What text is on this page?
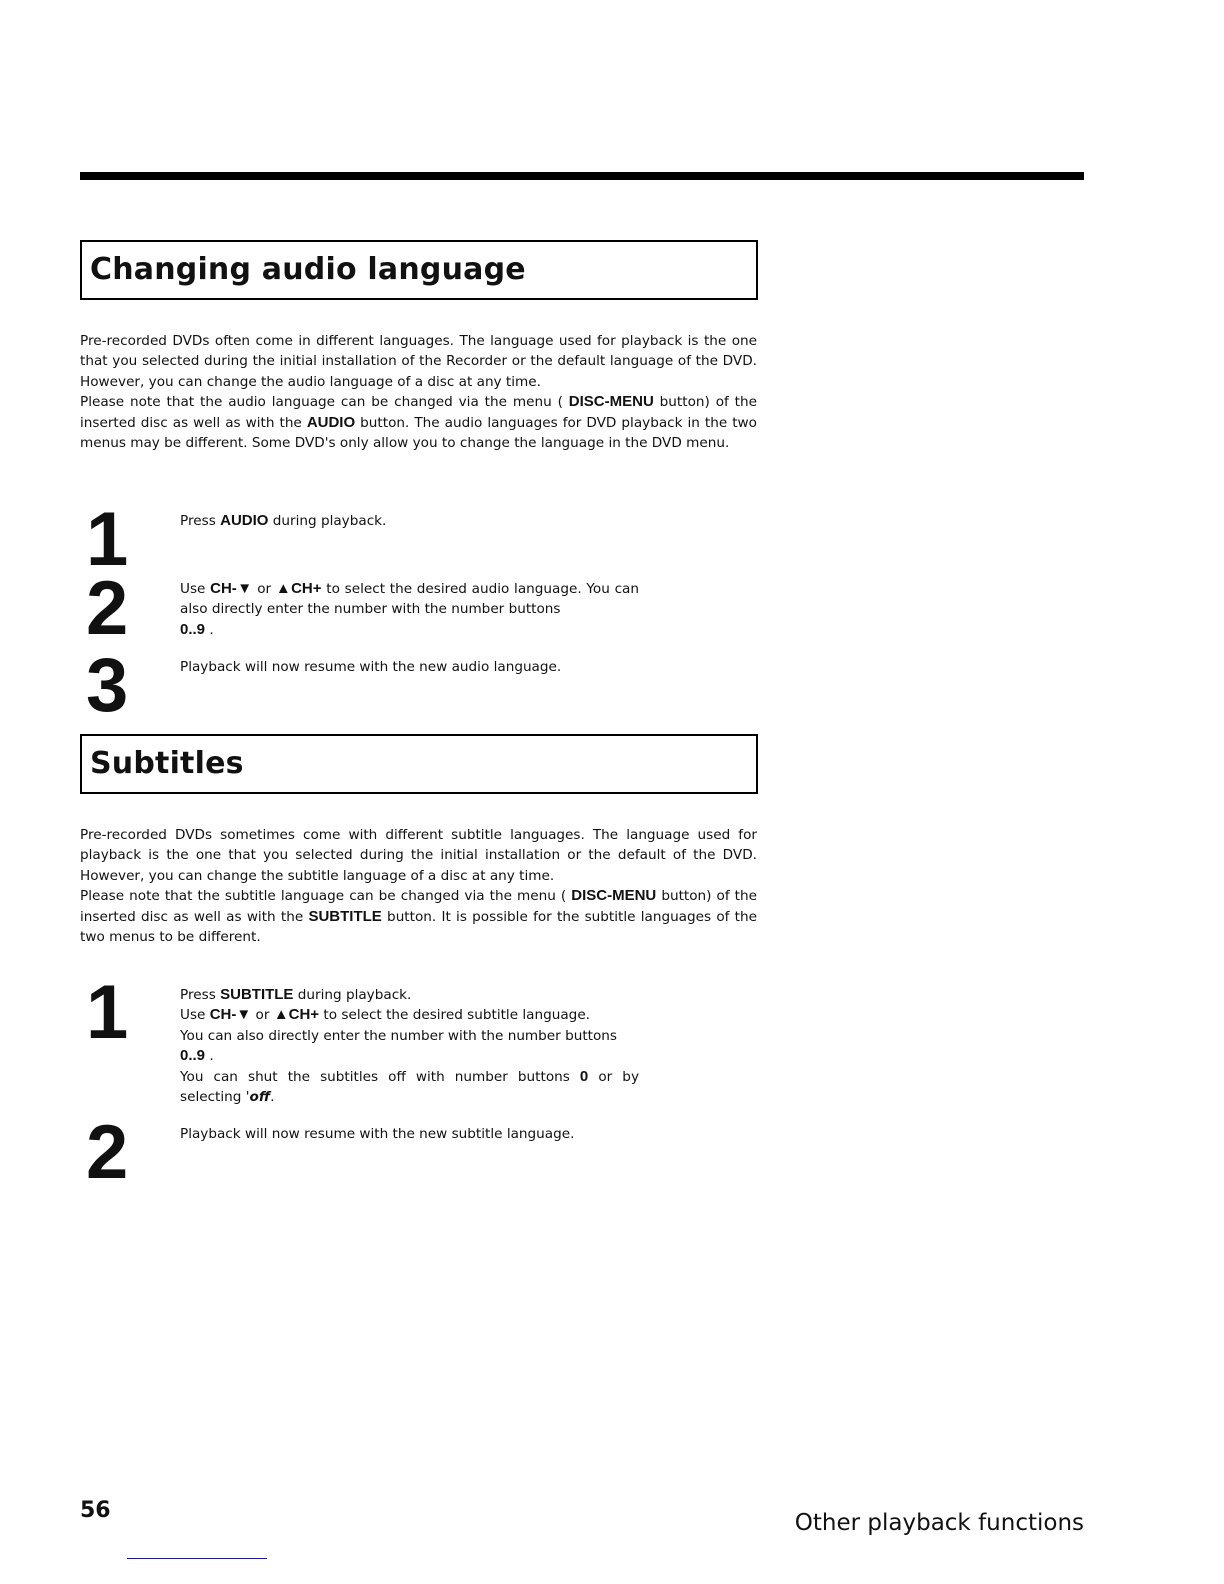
Changing audio language

Pre-recorded DVDs often come in different languages. The language used for playback is the one that you selected during the initial installation of the Recorder or the default language of the DVD. However, you can change the audio language of a disc at any time.

Please note that the audio language can be changed via the menu ( DISC-MENU button) of the inserted disc as well as with the AUDIO button. The audio languages for DVD playback in the two menus may be different. Some DVD's only allow you to change the language in the DVD menu.

1	Press AUDIO during playback.

2	Use CH-▼ or ▲CH+ to select the desired audio language. You can also directly enter the number with the number buttons
0..9 .

3	Playback will now resume with the new audio language.

Subtitles

Pre-recorded DVDs sometimes come with different subtitle languages. The language used for playback is the one that you selected during the initial installation or the default of the DVD. However, you can change the subtitle language of a disc at any time.

Please note that the subtitle language can be changed via the menu ( DISC-MENU button) of the inserted disc as well as with the SUBTITLE button. It is possible for the subtitle languages of the two menus to be different.

1	Press SUBTITLE during playback.

Use CH-▼ or ▲CH+ to select the desired subtitle language.

You can also directly enter the number with the number buttons
0..9 .

You can shut the subtitles off with number buttons 0 or by selecting 'off.

2	Playback will now resume with the new subtitle language.

56	Other playback functions
